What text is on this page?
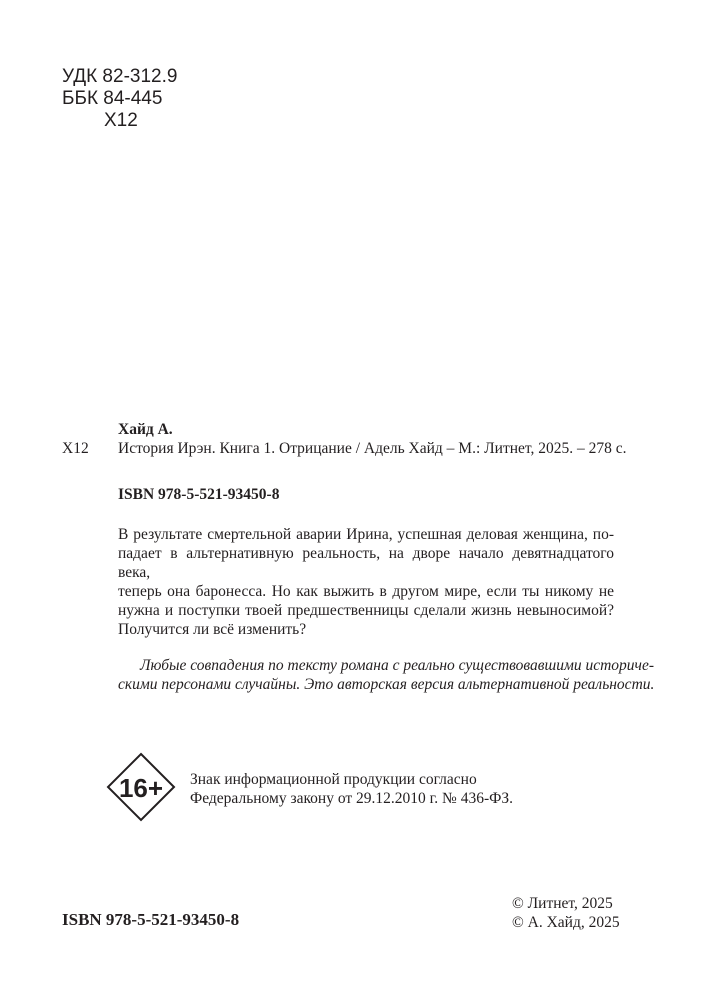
УДК 82-312.9
ББК 84-445
Х12
Хайд А.
Х12 История Ирэн. Книга 1. Отрицание / Адель Хайд – М.: Литнет, 2025. – 278 с.
ISBN 978-5-521-93450-8
В результате смертельной аварии Ирина, успешная деловая женщина, по-
падает в альтернативную реальность, на дворе начало девятнадцатого века,
теперь она баронесса. Но как выжить в другом мире, если ты никому не
нужна и поступки твоей предшественницы сделали жизнь невыносимой?
Получится ли всё изменить?
Любые совпадения по тексту романа с реально существовавшими историче-
скими персонами случайны. Это авторская версия альтернативной реальности.
16+ Знак информационной продукции согласно
Федеральному закону от 29.12.2010 г. № 436-ФЗ.
© Литнет, 2025
© А. Хайд, 2025
ISBN 978-5-521-93450-8
